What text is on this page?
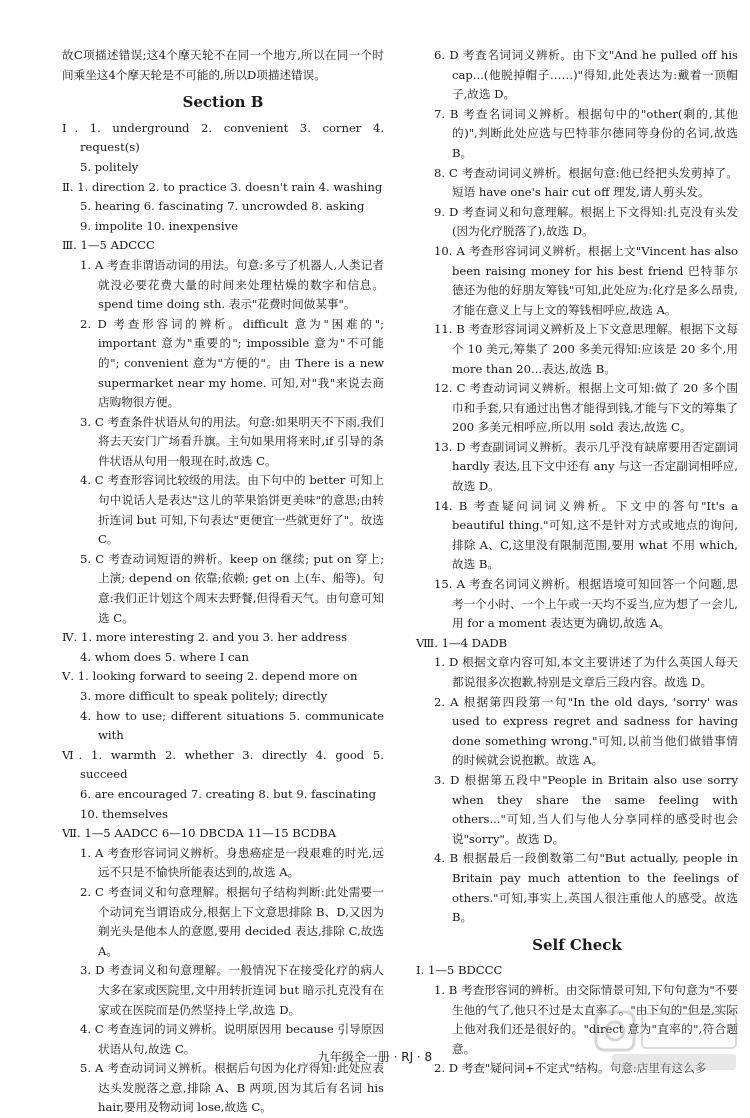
故C项描述错误;这4个摩天轮不在同一个地方,所以在同一个时间乘坐这4个摩天轮是不可能的,所以D项描述错误。

Section B

Ⅰ. 1. underground 2. convenient 3. corner 4. request(s)

5. politely

Ⅱ. 1. direction 2. to practice 3. doesn't rain 4. washing

5. hearing 6. fascinating 7. uncrowded 8. asking

9. impolite 10. inexpensive

Ⅲ. 1—5 ADCCC

1. A 考查非谓语动词的用法。句意:多亏了机器人,人类记者就没必要花费大量的时间来处理枯燥的数字和信息。spend time doing sth. 表示"花费时间做某事"。

2. D 考查形容词的辨析。difficult 意为"困难的"; important 意为"重要的"; impossible 意为"不可能的"; convenient 意为"方便的"。由 There is a new supermarket near my home. 可知,对"我"来说去商店购物很方便。

3. C 考查条件状语从句的用法。句意:如果明天不下雨,我们将去天安门广场看升旗。主句如果用将来时,if 引导的条件状语从句用一般现在时,故选 C。

4. C 考查形容词比较级的用法。由下句中的 better 可知上句中说话人是表达"这儿的苹果馅饼更美味"的意思;由转折连词 but 可知,下句表达"更便宜一些就更好了"。故选 C。

5. C 考查动词短语的辨析。keep on 继续; put on 穿上;上演; depend on 依靠;依赖; get on 上(车、船等)。句意:我们正计划这个周末去野餐,但得看天气。由句意可知选 C。

Ⅳ. 1. more interesting 2. and you 3. her address

4. whom does 5. where I can

Ⅴ. 1. looking forward to seeing 2. depend more on

3. more difficult to speak politely; directly

4. how to use; different situations 5. communicate with

Ⅵ. 1. warmth 2. whether 3. directly 4. good 5. succeed

6. are encouraged 7. creating 8. but 9. fascinating

10. themselves

Ⅶ. 1—5 AADCC 6—10 DBCDA 11—15 BCDBA

1. A 考查形容词词义辨析。身患癌症是一段艰难的时光,远远不只是不愉快所能表达到的,故选 A。

2. C 考查词义和句意理解。根据句子结构判断:此处需要一个动词充当谓语成分,根据上下文意思排除 B、D,又因为剃光头是他本人的意愿,要用 decided 表达,排除 C,故选 A。

3. D 考查词义和句意理解。一般情况下在接受化疗的病人大多在家或医院里,文中用转折连词 but 暗示扎克没有在家或在医院而是仍然坚持上学,故选 D。

4. C 考查连词的词义辨析。说明原因用 because 引导原因状语从句,故选 C。

5. A 考查动词词义辨析。根据后句因为化疗得知:此处应表达头发脱落之意,排除 A、B 两项,因为其后有名词 his hair,要用及物动词 lose,故选 C。

6. D 考查名词词义辨析。由下文"And he pulled off his cap...(他脱掉帽子……)"得知,此处表达为:戴着一顶帽子,故选 D。

7. B 考查名词词义辨析。根据句中的"other(剩的,其他的)",判断此处应选与巴特菲尔德同等身份的名词,故选 B。

8. C 考查动词词义辨析。根据句意:他已经把头发剪掉了。短语 have one's hair cut off 理发,请人剪头发。

9. D 考查词义和句意理解。根据上下文得知:扎克没有头发(因为化疗脱落了),故选 D。

10. A 考查形容词词义辨析。根据上文"Vincent has also been raising money for his best friend 巴特菲尔德还为他的好朋友筹钱"可知,此处应为:化疗是多么昂贵,才能在意义上与上文的筹钱相呼应,故选 A。

11. B 考查形容词词义辨析及上下文意思理解。根据下文每个 10 美元,筹集了 200 多美元得知:应该是 20 多个,用 more than 20...表达,故选 B。

12. C 考查动词词义辨析。根据上文可知:做了 20 多个围巾和手套,只有通过出售才能得到钱,才能与下文的筹集了 200 多美元相呼应,所以用 sold 表达,故选 C。

13. D 考查副词词义辨析。表示几乎没有缺席要用否定副词 hardly 表达,且下文中还有 any 与这一否定副词相呼应,故选 D。

14. B 考查疑问词词义辨析。下文中的答句"It's a beautiful thing."可知,这不是针对方式或地点的询问,排除 A、C,这里没有限制范围,要用 what 不用 which,故选 B。

15. A 考查名词词义辨析。根据语境可知回答一个问题,思考一个小时、一个上午或一天均不妥当,应为想了一会儿,用 for a moment 表达更为确切,故选 A。

Ⅷ. 1—4 DADB

1. D 根据文章内容可知,本文主要讲述了为什么英国人每天都说很多次抱歉,特别是文章后三段内容。故选 D。

2. A 根据第四段第一句"In the old days, 'sorry' was used to express regret and sadness for having done something wrong."可知,以前当他们做错事情的时候就会说抱歉。故选 A。

3. D 根据第五段中"People in Britain also use sorry when they share the same feeling with others..."可知,当人们与他人分享同样的感受时也会说"sorry"。故选 D。

4. B 根据最后一段倒数第二句"But actually, people in Britain pay much attention to the feelings of others."可知,事实上,英国人很注重他人的感受。故选 B。

Self Check

Ⅰ. 1—5 BDCCC

1. B 考查形容词的辨析。由交际情景可知,下句句意为"不要生他的气了,他只不过是太直率了。"由下句的"但是,实际上他对我们还是很好的。"direct 意为"直率的",符合题意。

2. D 考查"疑问词+不定式"结构。句意:店里有这么多

九年级全一册 · RJ · 8
